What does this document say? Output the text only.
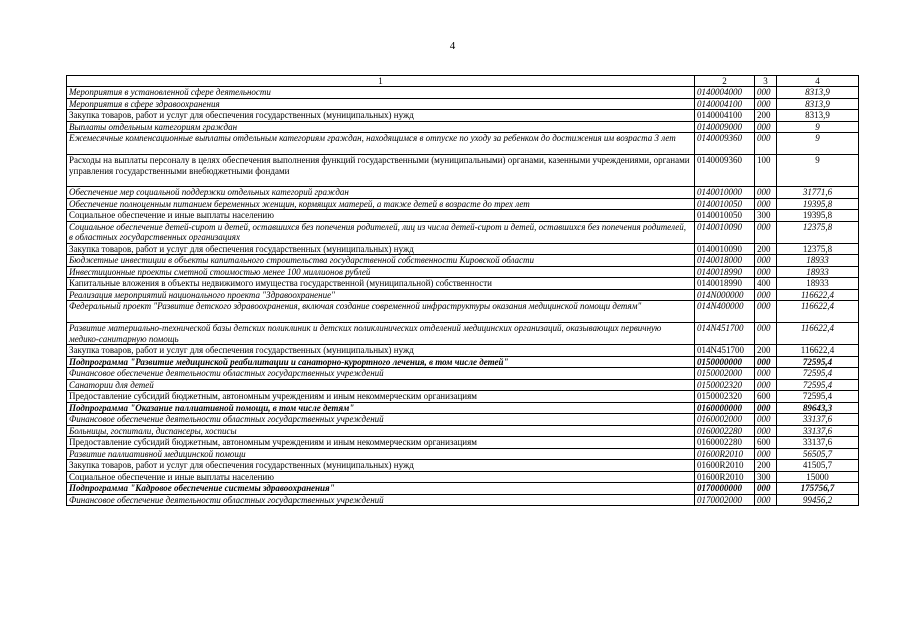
4
1	2	3	4
Мероприятия в установленной сфере деятельности	0140004000	000	8313,9
Мероприятия в сфере здравоохранения	0140004100	000	8313,9
Закупка товаров, работ и услуг для обеспечения государственных (муниципальных) нужд	0140004100	200	8313,9
Выплаты отдельным категориям граждан	0140009000	000	9
Ежемесячные компенсационные выплаты отдельным категориям граждан, находящимся в отпуске по уходу за ребенком до достижения им возраста 3 лет	0140009360	000	9
Расходы на выплаты персоналу в целях обеспечения выполнения функций государственными (муниципальными) органами, казенными учреждениями, органами управления государственными внебюджетными фондами	0140009360	100	9
Обеспечение мер социальной поддержки отдельных категорий граждан	0140010000	000	31771,6
Обеспечение полноценным питанием беременных женщин, кормящих матерей, а также детей в возрасте до трех лет	0140010050	000	19395,8
Социальное обеспечение и иные выплаты населению	0140010050	300	19395,8
Социальное обеспечение детей-сирот и детей, оставшихся без попечения родителей, лиц из числа детей-сирот и детей, оставшихся без попечения родителей, в областных государственных организациях	0140010090	000	12375,8
Закупка товаров, работ и услуг для обеспечения государственных (муниципальных) нужд	0140010090	200	12375,8
Бюджетные инвестиции в объекты капитального строительства государственной собственности Кировской области	0140018000	000	18933
Инвестиционные проекты сметной стоимостью менее 100 миллионов рублей	0140018990	000	18933
Капитальные вложения в объекты недвижимого имущества государственной (муниципальной) собственности	0140018990	400	18933
Реализация мероприятий национального проекта "Здравоохранение"	014N000000	000	116622,4
Федеральный проект "Развитие детского здравоохранения, включая создание современной инфраструктуры оказания медицинской помощи детям"	014N400000	000	116622,4
Развитие материально-технической базы детских поликлиник и детских поликлинических отделений медицинских организаций, оказывающих первичную медико-санитарную помощь	014N451700	000	116622,4
Закупка товаров, работ и услуг для обеспечения государственных (муниципальных) нужд	014N451700	200	116622,4
Подпрограмма "Развитие медицинской реабилитации и санаторно-курортного лечения, в том числе детей"	0150000000	000	72595,4
Финансовое обеспечение деятельности областных государственных учреждений	0150002000	000	72595,4
Санатории для детей	0150002320	000	72595,4
Предоставление субсидий бюджетным, автономным учреждениям и иным некоммерческим организациям	0150002320	600	72595,4
Подпрограмма "Оказание паллиативной помощи, в том числе детям"	0160000000	000	89643,3
Финансовое обеспечение деятельности областных государственных учреждений	0160002000	000	33137,6
Больницы, госпитали, диспансеры, хосписы	0160002280	000	33137,6
Предоставление субсидий бюджетным, автономным учреждениям и иным некоммерческим организациям	0160002280	600	33137,6
Развитие паллиативной медицинской помощи	01600R2010	000	56505,7
Закупка товаров, работ и услуг для обеспечения государственных (муниципальных) нужд	01600R2010	200	41505,7
Социальное обеспечение и иные выплаты населению	01600R2010	300	15000
Подпрограмма "Кадровое обеспечение системы здравоохранения"	0170000000	000	175756,7
Финансовое обеспечение деятельности областных государственных учреждений	0170002000	000	99456,2
